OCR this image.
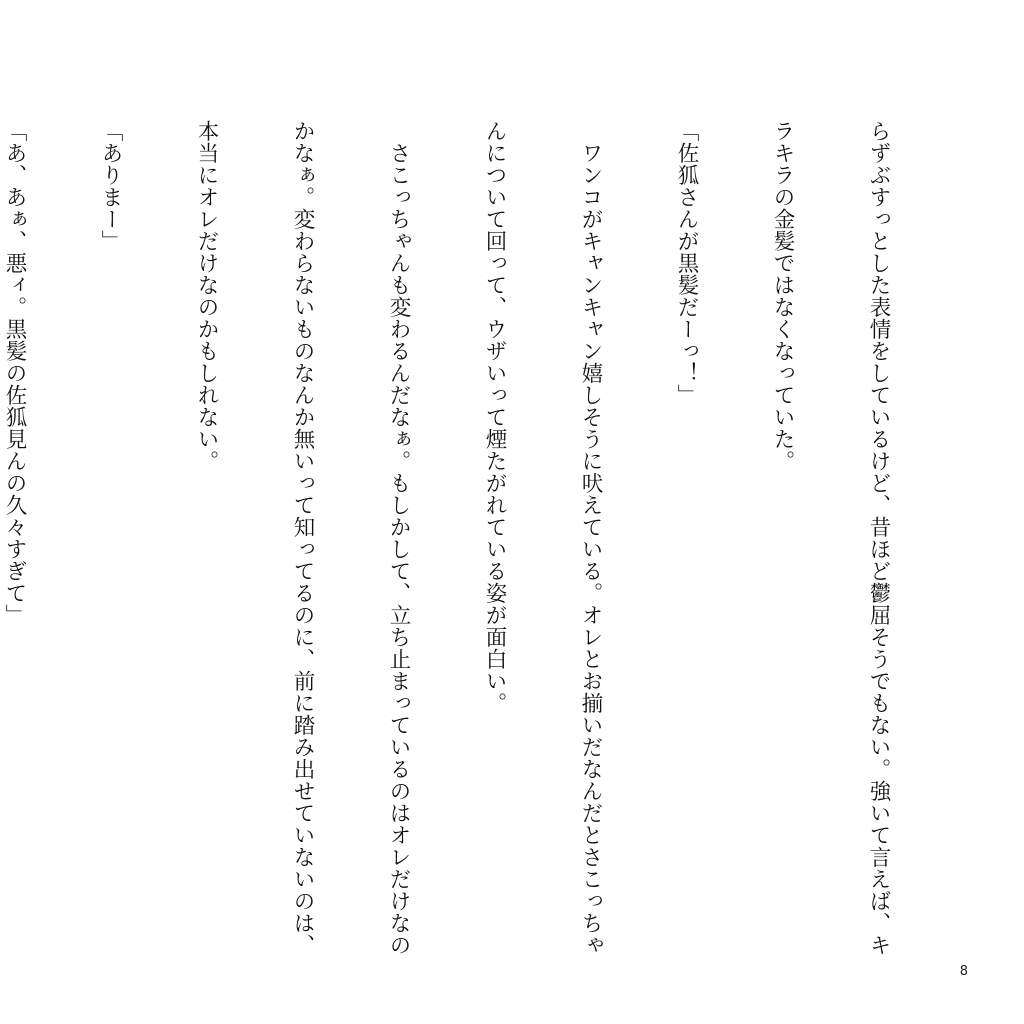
らずぶすっとした表情をしているけど、昔ほど鬱屈そうでもない。強いて言えば、キ

ラキラの金髪ではなくなっていた。

「佐狐さんが黒髪だーっ！」

　ワンコがキャンキャン嬉しそうに吠えている。オレとお揃いだなんだとさこっちゃ

んについて回って、ウザいって煙たがれている姿が面白い。

　さこっちゃんも変わるんだなぁ。もしかして、立ち止まっているのはオレだけなの

かなぁ。変わらないものなんか無いって知ってるのに、前に踏み出せていないのは、

本当にオレだけなのかもしれない。

「ありまー」

「あ、あぁ、悪ィ。黒髪の佐狐見んの久々すぎて」

8
